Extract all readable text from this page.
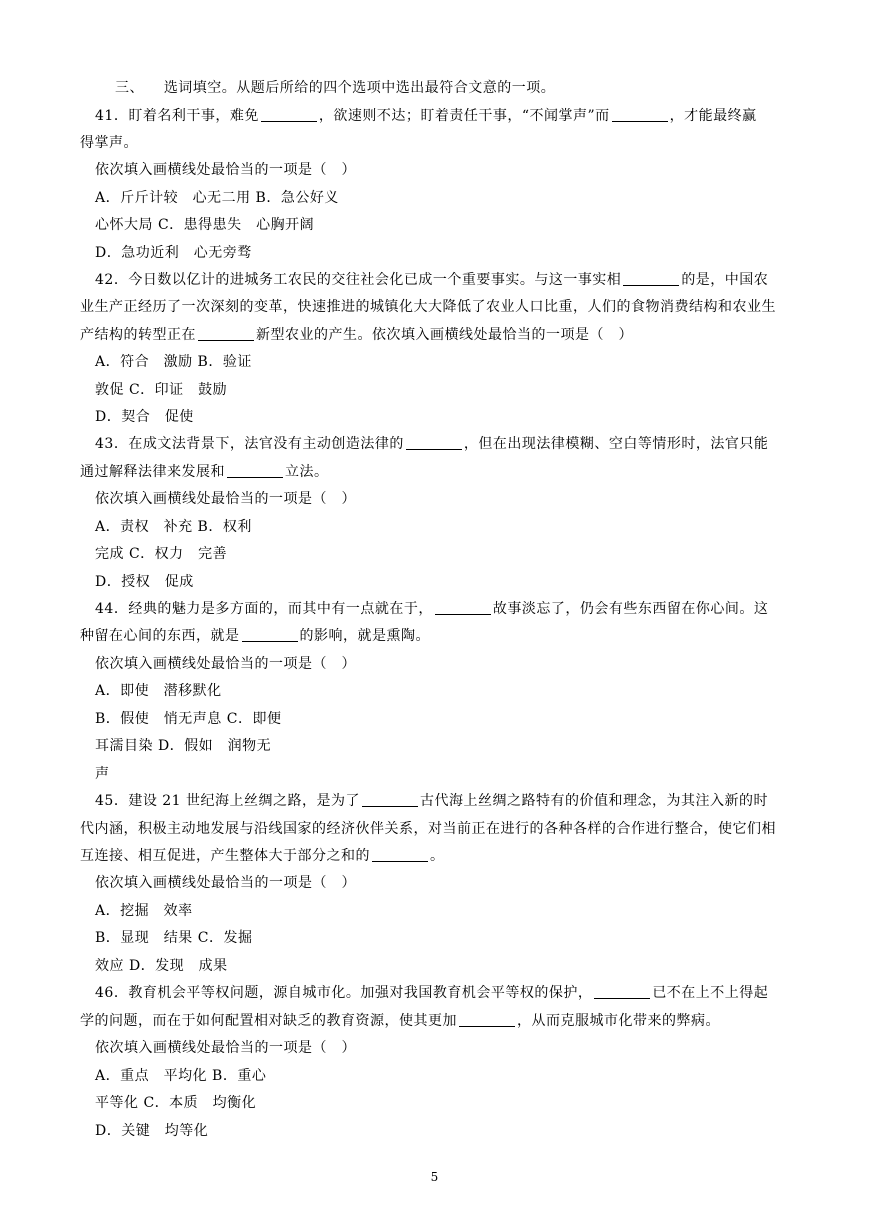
三、 选词填空。从题后所给的四个选项中选出最符合文意的一项。
41．盯着名利干事，难免	，欲速则不达；盯着责任干事，“不闻掌声”而	，才能最终赢
得掌声。
依次填入画横线处最恰当的一项是（　）
A．斤斤计较　心无二用 B．急公好义
心怀大局 C．患得患失　心胸开阔
D．急功近利　心无旁骛
42．今日数以亿计的进城务工农民的交往社会化已成一个重要事实。与这一事实相	的是，中国农
业生产正经历了一次深刻的变革，快速推进的城镇化大大降低了农业人口比重，人们的食物消费结构和农业生
产结构的转型正在	新型农业的产生。依次填入画横线处最恰当的一项是（　）
A．符合　激励 B．验证
敦促 C．印证　鼓励
D．契合　促使
43．在成文法背景下，法官没有主动创造法律的	，但在出现法律模糊、空白等情形时，法官只能
通过解释法律来发展和	立法。
依次填入画横线处最恰当的一项是（　）
A．责权　补充 B．权利
完成 C．权力　完善
D．授权　促成
44．经典的魅力是多方面的，而其中有一点就在于，	故事淡忘了，仍会有些东西留在你心间。这
种留在心间的东西，就是	的影响，就是熏陶。
依次填入画横线处最恰当的一项是（　）
A．即使　潜移默化
B．假使　悄无声息 C．即便
耳濡目染 D．假如　润物无
声
45．建设 21 世纪海上丝绸之路，是为了	古代海上丝绸之路特有的价值和理念，为其注入新的时
代内涵，积极主动地发展与沿线国家的经济伙伴关系，对当前正在进行的各种各样的合作进行整合，使它们相
互连接、相互促进，产生整体大于部分之和的	。
依次填入画横线处最恰当的一项是（　）
A．挖掘　效率
B．显现　结果 C．发掘
效应 D．发现　成果
46．教育机会平等权问题，源自城市化。加强对我国教育机会平等权的保护，	已不在上不上得起
学的问题，而在于如何配置相对缺乏的教育资源，使其更加	，从而克服城市化带来的弊病。
依次填入画横线处最恰当的一项是（　）
A．重点　平均化 B．重心
平等化 C．本质　均衡化
D．关键　均等化
5
